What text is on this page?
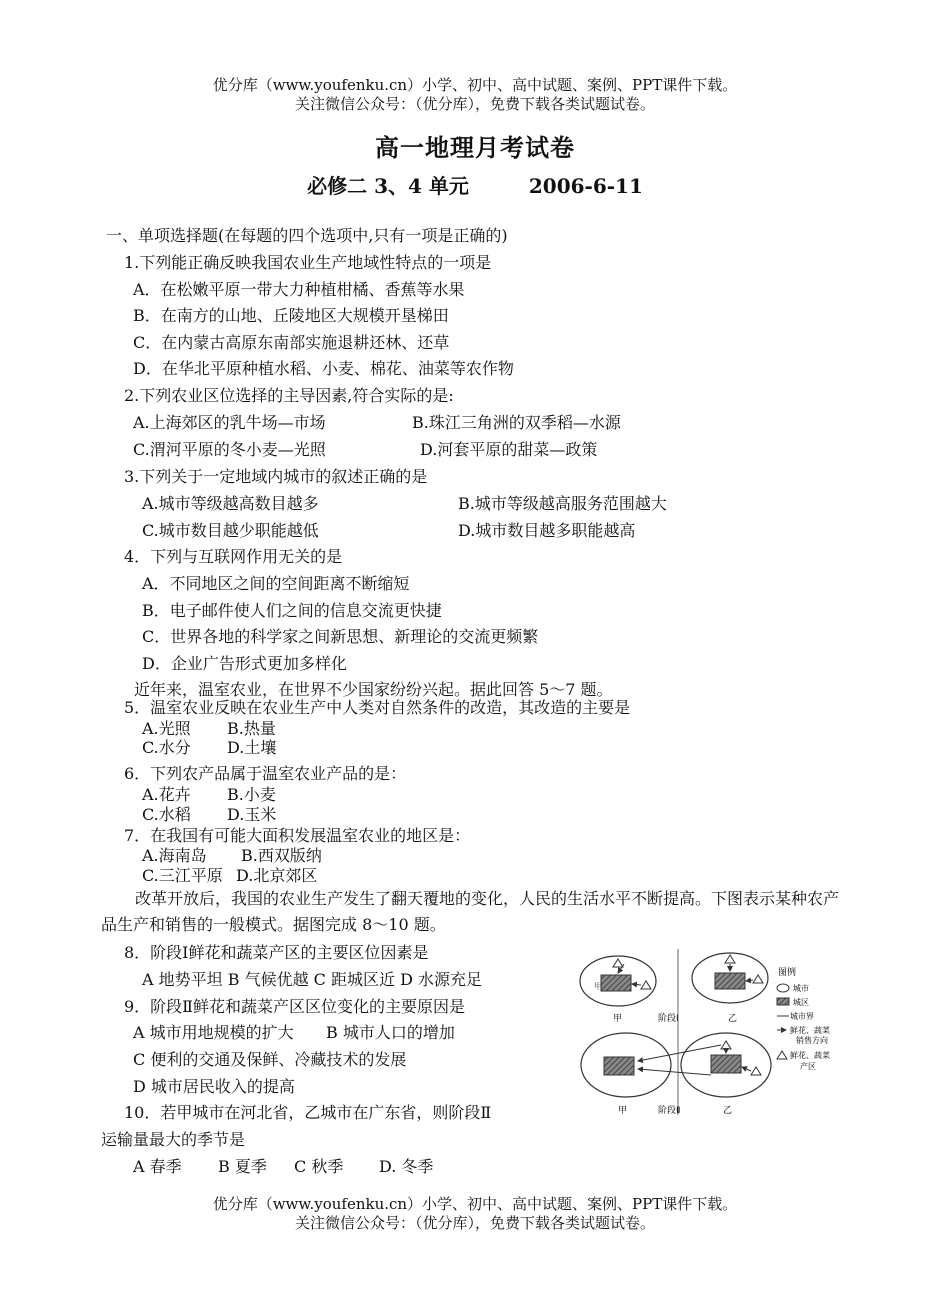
优分库（www.youfenku.cn）小学、初中、高中试题、案例、PPT课件下载。
关注微信公众号：（优分库），免费下载各类试题试卷。
高一地理月考试卷
必修二 3、4 单元	2006-6-11
一、单项选择题(在每题的四个选项中,只有一项是正确的)
1.下列能正确反映我国农业生产地域性特点的一项是
A．在松嫩平原一带大力种植柑橘、香蕉等水果
B．在南方的山地、丘陵地区大规模开垦梯田
C．在内蒙古高原东南部实施退耕还林、还草
D．在华北平原种植水稻、小麦、棉花、油菜等农作物
2.下列农业区位选择的主导因素,符合实际的是:
A.上海郊区的乳牛场—市场	B.珠江三角洲的双季稻—水源
C.渭河平原的冬小麦—光照	D.河套平原的甜菜—政策
3.下列关于一定地域内城市的叙述正确的是
A.城市等级越高数目越多	B.城市等级越高服务范围越大
C.城市数目越少职能越低	D.城市数目越多职能越高
4．下列与互联网作用无关的是
A．不同地区之间的空间距离不断缩短
B．电子邮件使人们之间的信息交流更快捷
C．世界各地的科学家之间新思想、新理论的交流更频繁
D．企业广告形式更加多样化
近年来，温室农业，在世界不少国家纷纷兴起。据此回答 5～7 题。
5．温室农业反映在农业生产中人类对自然条件的改造，其改造的主要是
A.光照 B.热量
C.水分 D.土壤
6．下列农产品属于温室农业产品的是：
A.花卉 B.小麦
C.水稻 D.玉米
7．在我国有可能大面积发展温室农业的地区是：
A.海南岛 B.西双版纳
C.三江平原 D.北京郊区
改革开放后，我国的农业生产发生了翻天覆地的变化，人民的生活水平不断提高。下图表示某种农产品生产和销售的一般模式。据图完成 8～10 题。
8．阶段Ⅰ鲜花和蔬菜产区的主要区位因素是
A 地势平坦 B 气候优越 C 距城区近 D 水源充足
9．阶段Ⅱ鲜花和蔬菜产区区位变化的主要原因是
A 城市用地规模的扩大 B 城市人口的增加
C 便利的交通及保鲜、冷藏技术的发展
D 城市居民收入的提高
10．若甲城市在河北省，乙城市在广东省，则阶段Ⅱ
运输量最大的季节是
A 春季 B 夏季 C 秋季 D. 冬季
甲
甲	乙
阶段Ⅰ
甲	乙
阶段Ⅱ
图例
城市
城区
城市界
鲜花、蔬菜
销售方向
鲜花、蔬菜
产区
优分库（www.youfenku.cn）小学、初中、高中试题、案例、PPT课件下载。
关注微信公众号：（优分库），免费下载各类试题试卷。
